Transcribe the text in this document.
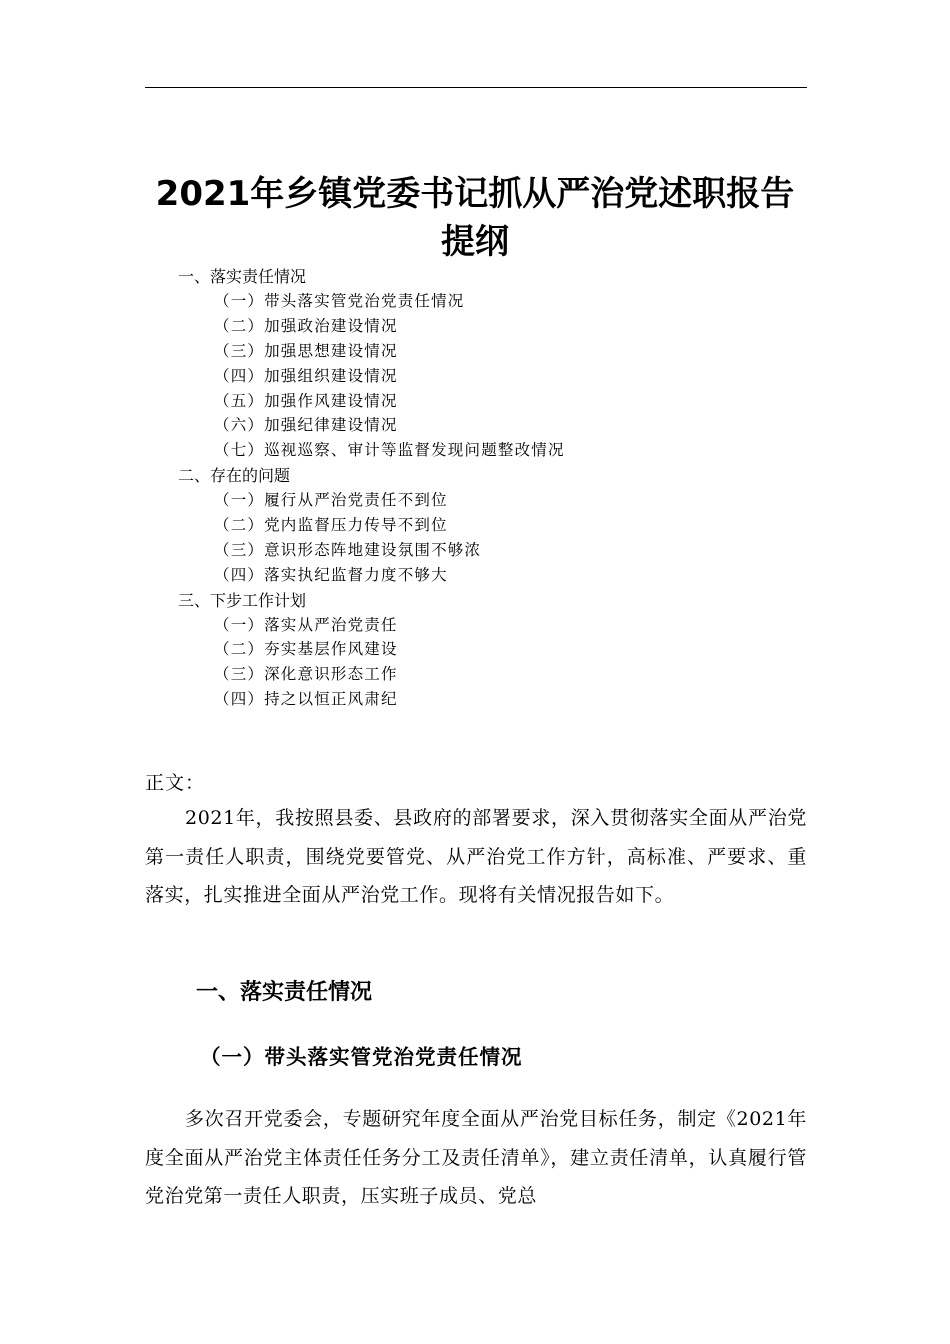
2021年乡镇党委书记抓从严治党述职报告
提纲
一、落实责任情况
（一）带头落实管党治党责任情况
（二）加强政治建设情况
（三）加强思想建设情况
（四）加强组织建设情况
（五）加强作风建设情况
（六）加强纪律建设情况
（七）巡视巡察、审计等监督发现问题整改情况
二、存在的问题
（一）履行从严治党责任不到位
（二）党内监督压力传导不到位
（三）意识形态阵地建设氛围不够浓
（四）落实执纪监督力度不够大
三、下步工作计划
（一）落实从严治党责任
（二）夯实基层作风建设
（三）深化意识形态工作
（四）持之以恒正风肃纪
正文：

2021年，我按照县委、县政府的部署要求，深入贯彻落实全面从严治党第一责任人职责，围绕党要管党、从严治党工作方针，高标准、严要求、重落实，扎实推进全面从严治党工作。现将有关情况报告如下。

一、落实责任情况
（一）带头落实管党治党责任情况

多次召开党委会，专题研究年度全面从严治党目标任务，制定《2021年度全面从严治党主体责任任务分工及责任清单》，建立责任清单，认真履行管党治党第一责任人职责，压实班子成员、党总
